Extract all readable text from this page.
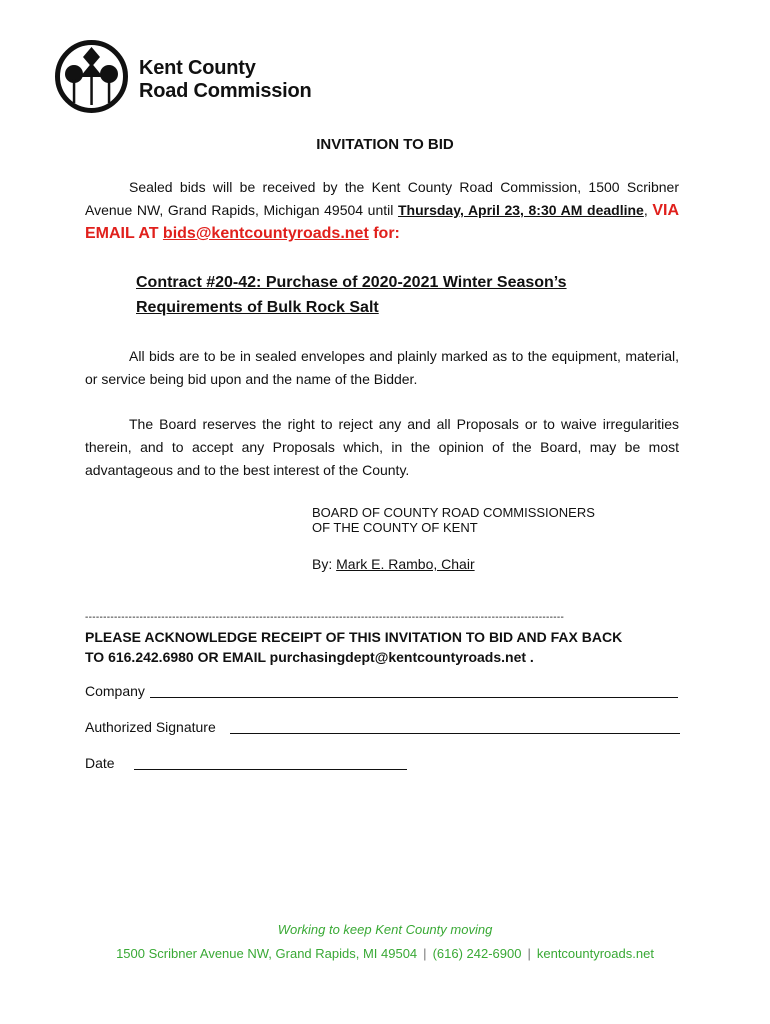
Kent County
Road Commission
INVITATION TO BID
Sealed bids will be received by the Kent County Road Commission, 1500 Scribner Avenue NW, Grand Rapids, Michigan 49504 until Thursday, April 23, 8:30 AM deadline, VIA EMAIL AT bids@kentcountyroads.net for:
Contract #20-42: Purchase of 2020-2021 Winter Season’s
Requirements of Bulk Rock Salt
All bids are to be in sealed envelopes and plainly marked as to the equipment, material, or service being bid upon and the name of the Bidder.
The Board reserves the right to reject any and all Proposals or to waive irregularities therein, and to accept any Proposals which, in the opinion of the Board, may be most advantageous and to the best interest of the County.
BOARD OF COUNTY ROAD COMMISSIONERS
OF THE COUNTY OF KENT
By: Mark E. Rambo, Chair
------------------------------------------------------------------------------------------------------------------------------------
PLEASE ACKNOWLEDGE RECEIPT OF THIS INVITATION TO BID AND FAX BACK
TO 616.242.6980 OR EMAIL purchasingdept@kentcountyroads.net .
Company
Authorized Signature
Date
Working to keep Kent County moving
1500 Scribner Avenue NW, Grand Rapids, MI 49504 | (616) 242-6900 | kentcountyroads.net
